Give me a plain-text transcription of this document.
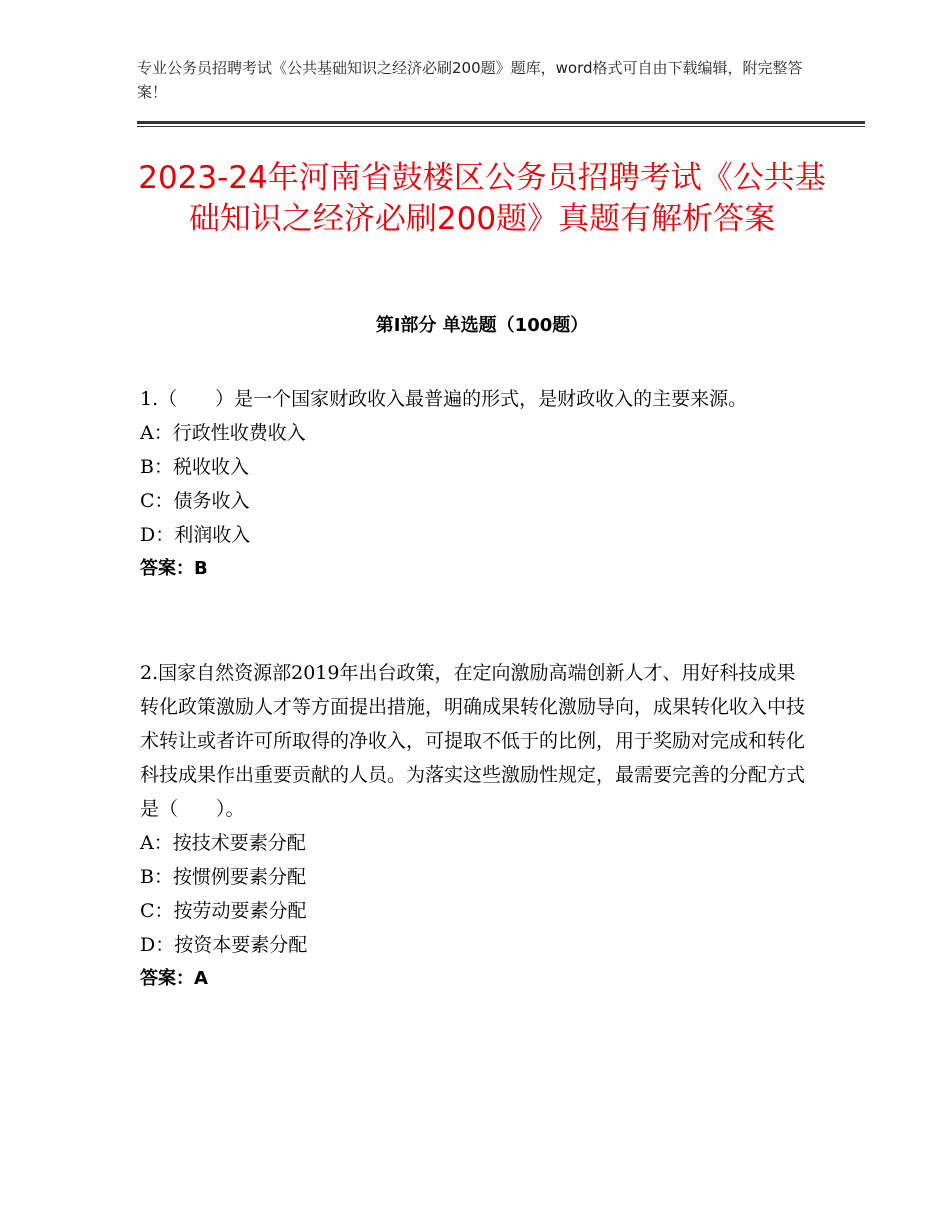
专业公务员招聘考试《公共基础知识之经济必刷200题》题库，word格式可自由下载编辑，附完整答案！
2023-24年河南省鼓楼区公务员招聘考试《公共基础知识之经济必刷200题》真题有解析答案
第Ⅰ部分 单选题（100题）

1.（　　）是一个国家财政收入最普遍的形式，是财政收入的主要来源。

A：行政性收费收入

B：税收收入

C：债务收入

D：利润收入

答案：B

2.国家自然资源部2019年出台政策，在定向激励高端创新人才、用好科技成果转化政策激励人才等方面提出措施，明确成果转化激励导向，成果转化收入中技术转让或者许可所取得的净收入，可提取不低于的比例，用于奖励对完成和转化科技成果作出重要贡献的人员。为落实这些激励性规定，最需要完善的分配方式是（　　）。

A：按技术要素分配

B：按惯例要素分配

C：按劳动要素分配

D：按资本要素分配

答案：A
